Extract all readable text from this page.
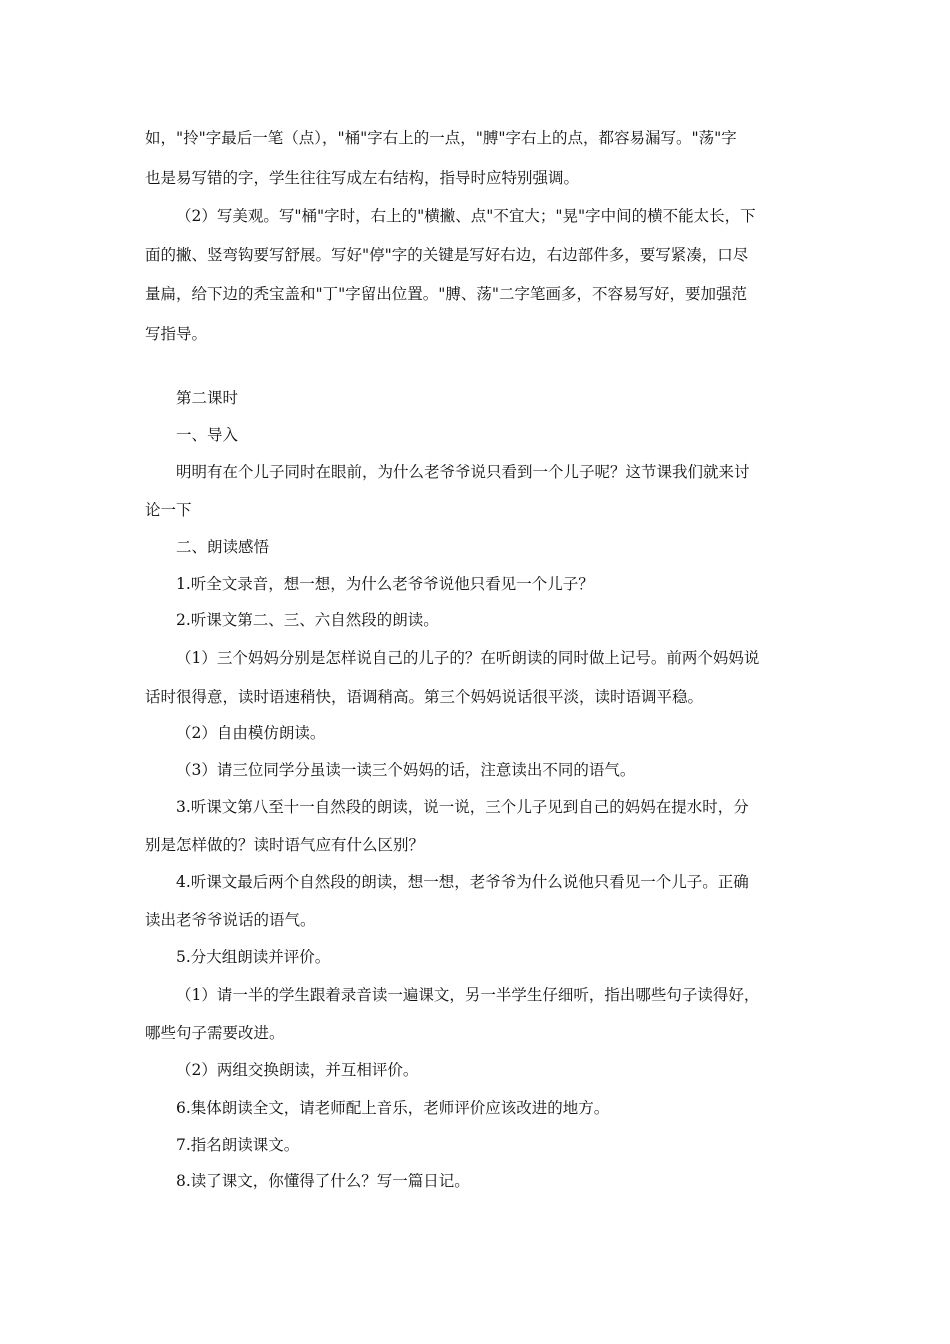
如，"拎"字最后一笔（点），"桶"字右上的一点，"膊"字右上的点，都容易漏写。"荡"字
也是易写错的字，学生往往写成左右结构，指导时应特别强调。
（2）写美观。写"桶"字时，右上的"横撇、点"不宜大；"晃"字中间的横不能太长，下
面的撇、竖弯钩要写舒展。写好"停"字的关键是写好右边，右边部件多，要写紧凑，口尽
量扁，给下边的秃宝盖和"丁"字留出位置。"膊、荡"二字笔画多，不容易写好，要加强范
写指导。
第二课时
一、导入
明明有在个儿子同时在眼前，为什么老爷爷说只看到一个儿子呢？这节课我们就来讨
论一下
二、朗读感悟
1.听全文录音，想一想，为什么老爷爷说他只看见一个儿子？
2.听课文第二、三、六自然段的朗读。
（1）三个妈妈分别是怎样说自己的儿子的？在听朗读的同时做上记号。前两个妈妈说
话时很得意，读时语速稍快，语调稍高。第三个妈妈说话很平淡，读时语调平稳。
（2）自由模仿朗读。
（3）请三位同学分虽读一读三个妈妈的话，注意读出不同的语气。
3.听课文第八至十一自然段的朗读，说一说，三个儿子见到自己的妈妈在提水时，分
别是怎样做的？读时语气应有什么区别？
4.听课文最后两个自然段的朗读，想一想，老爷爷为什么说他只看见一个儿子。正确
读出老爷爷说话的语气。
5.分大组朗读并评价。
（1）请一半的学生跟着录音读一遍课文，另一半学生仔细听，指出哪些句子读得好，
哪些句子需要改进。
（2）两组交换朗读，并互相评价。
6.集体朗读全文，请老师配上音乐，老师评价应该改进的地方。
7.指名朗读课文。
8.读了课文，你懂得了什么？写一篇日记。
